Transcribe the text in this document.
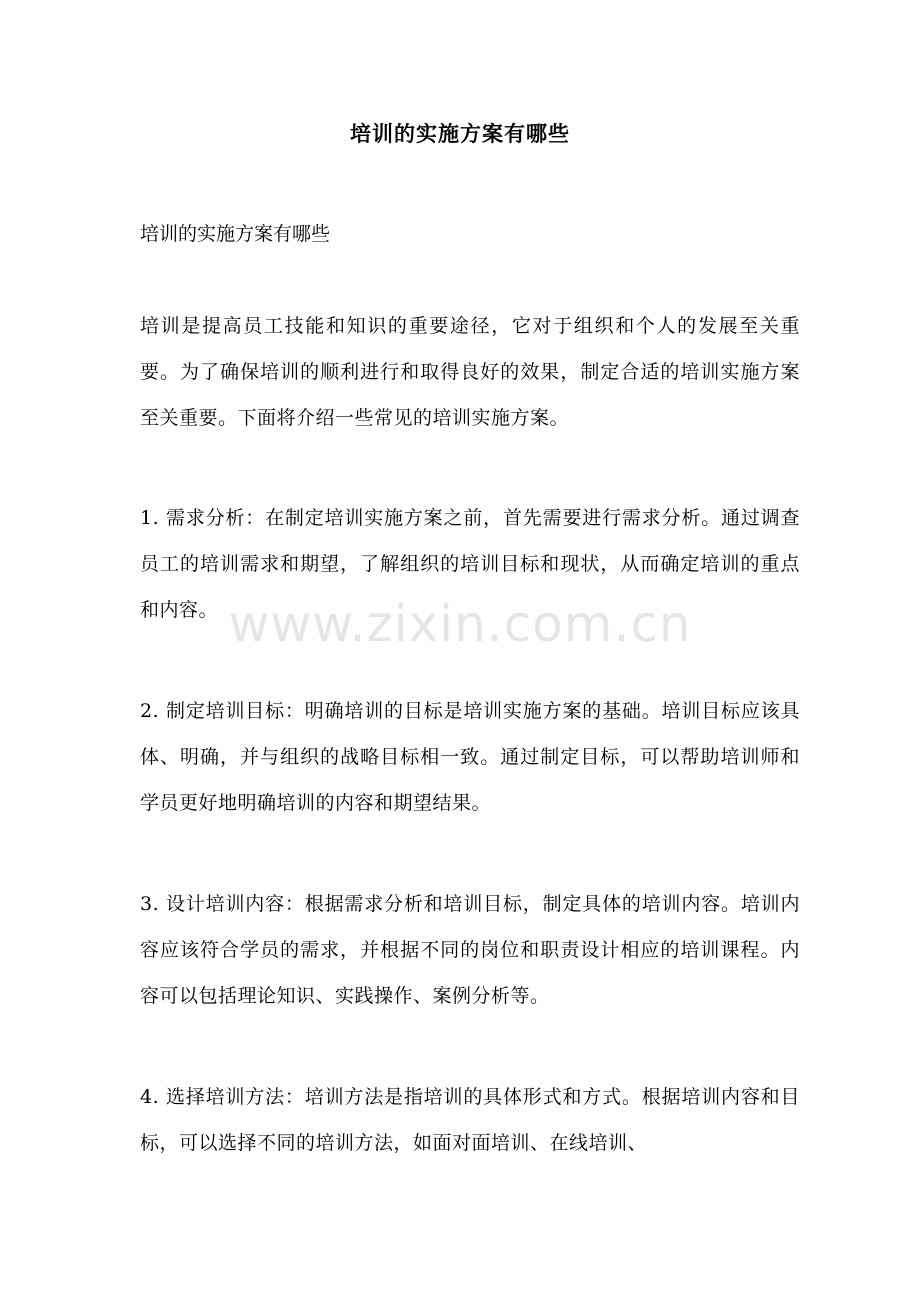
培训的实施方案有哪些
培训的实施方案有哪些
培训是提高员工技能和知识的重要途径，它对于组织和个人的发展至关重要。为了确保培训的顺利进行和取得良好的效果，制定合适的培训实施方案至关重要。下面将介绍一些常见的培训实施方案。
1. 需求分析：在制定培训实施方案之前，首先需要进行需求分析。通过调查员工的培训需求和期望，了解组织的培训目标和现状，从而确定培训的重点和内容。
2. 制定培训目标：明确培训的目标是培训实施方案的基础。培训目标应该具体、明确，并与组织的战略目标相一致。通过制定目标，可以帮助培训师和学员更好地明确培训的内容和期望结果。
3. 设计培训内容：根据需求分析和培训目标，制定具体的培训内容。培训内容应该符合学员的需求，并根据不同的岗位和职责设计相应的培训课程。内容可以包括理论知识、实践操作、案例分析等。
4. 选择培训方法：培训方法是指培训的具体形式和方式。根据培训内容和目标，可以选择不同的培训方法，如面对面培训、在线培训、
www.zixin.com.cn
